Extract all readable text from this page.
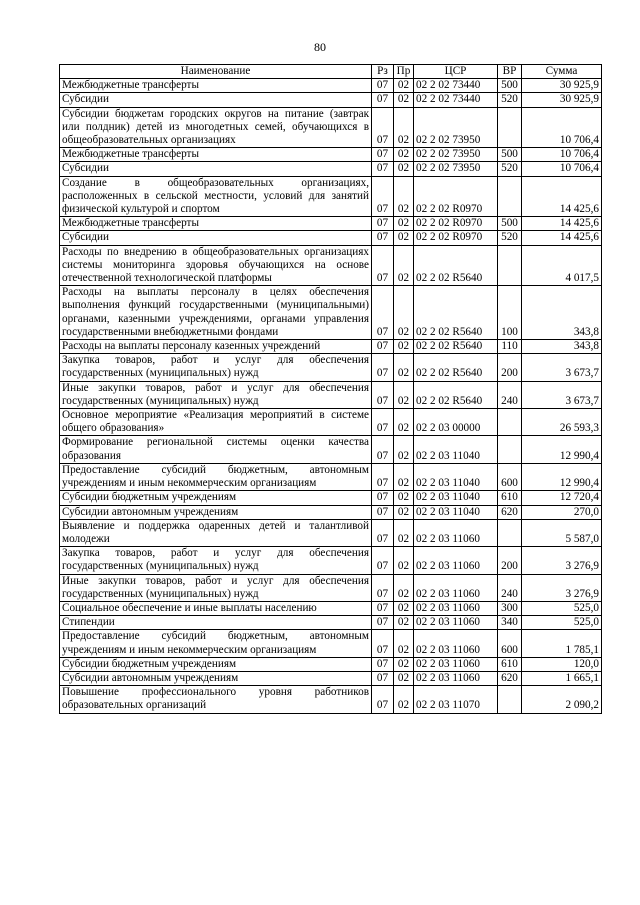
80
Наименование	Рз	Пр	ЦСР	ВР	Сумма
Межбюджетные трансферты	07	02	02 2 02 73440	500	30 925,9
Субсидии	07	02	02 2 02 73440	520	30 925,9
Субсидии бюджетам городских округов на питание (завтрак или полдник) детей из многодетных семей, обучающихся в общеобразовательных организациях	07	02	02 2 02 73950		10 706,4
Межбюджетные трансферты	07	02	02 2 02 73950	500	10 706,4
Субсидии	07	02	02 2 02 73950	520	10 706,4
Создание в общеобразовательных организациях, расположенных в сельской местности, условий для занятий физической культурой и спортом	07	02	02 2 02 R0970		14 425,6
Межбюджетные трансферты	07	02	02 2 02 R0970	500	14 425,6
Субсидии	07	02	02 2 02 R0970	520	14 425,6
Расходы по внедрению в общеобразовательных организациях системы мониторинга здоровья обучающихся на основе отечественной технологической платформы	07	02	02 2 02 R5640		4 017,5
Расходы на выплаты персоналу в целях обеспечения выполнения функций государственными (муниципальными) органами, казенными учреждениями, органами управления государственными внебюджетными фондами	07	02	02 2 02 R5640	100	343,8
Расходы на выплаты персоналу казенных учреждений	07	02	02 2 02 R5640	110	343,8
Закупка товаров, работ и услуг для обеспечения государственных (муниципальных) нужд	07	02	02 2 02 R5640	200	3 673,7
Иные закупки товаров, работ и услуг для обеспечения государственных (муниципальных) нужд	07	02	02 2 02 R5640	240	3 673,7
Основное мероприятие «Реализация мероприятий в системе общего образования»	07	02	02 2 03 00000		26 593,3
Формирование региональной системы оценки качества образования	07	02	02 2 03 11040		12 990,4
Предоставление субсидий бюджетным, автономным учреждениям и иным некоммерческим организациям	07	02	02 2 03 11040	600	12 990,4
Субсидии бюджетным учреждениям	07	02	02 2 03 11040	610	12 720,4
Субсидии автономным учреждениям	07	02	02 2 03 11040	620	270,0
Выявление и поддержка одаренных детей и талантливой молодежи	07	02	02 2 03 11060		5 587,0
Закупка товаров, работ и услуг для обеспечения государственных (муниципальных) нужд	07	02	02 2 03 11060	200	3 276,9
Иные закупки товаров, работ и услуг для обеспечения государственных (муниципальных) нужд	07	02	02 2 03 11060	240	3 276,9
Социальное обеспечение и иные выплаты населению	07	02	02 2 03 11060	300	525,0
Стипендии	07	02	02 2 03 11060	340	525,0
Предоставление субсидий бюджетным, автономным учреждениям и иным некоммерческим организациям	07	02	02 2 03 11060	600	1 785,1
Субсидии бюджетным учреждениям	07	02	02 2 03 11060	610	120,0
Субсидии автономным учреждениям	07	02	02 2 03 11060	620	1 665,1
Повышение профессионального уровня работников образовательных организаций	07	02	02 2 03 11070		2 090,2
